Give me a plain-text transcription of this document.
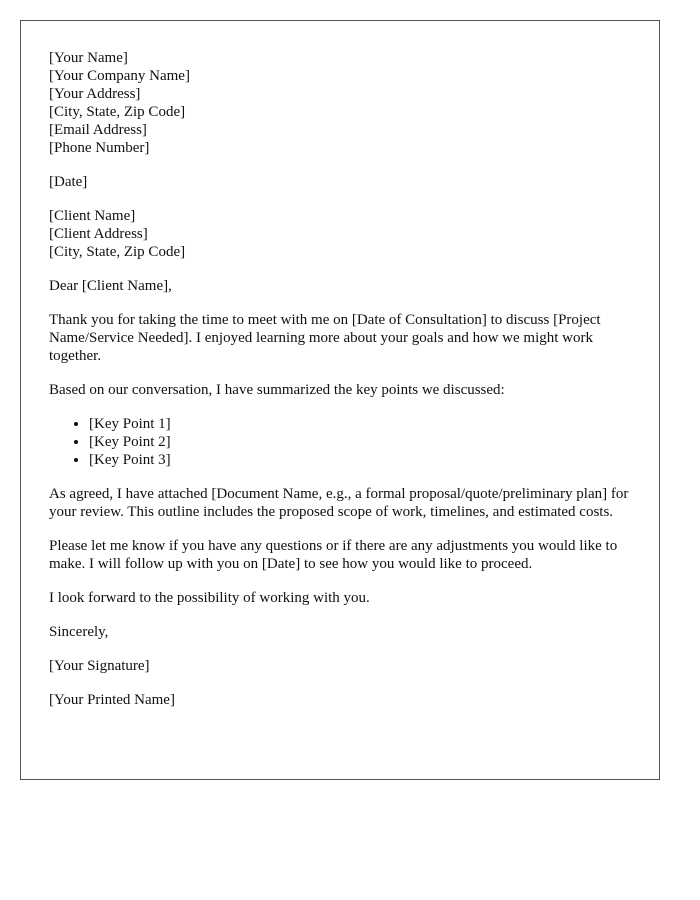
[Your Name]
[Your Company Name]
[Your Address]
[City, State, Zip Code]
[Email Address]
[Phone Number]
[Date]
[Client Name]
[Client Address]
[City, State, Zip Code]

Dear [Client Name],

Thank you for taking the time to meet with me on [Date of Consultation] to discuss [Project Name/Service Needed]. I enjoyed learning more about your goals and how we might work together.

Based on our conversation, I have summarized the key points we discussed:

• [Key Point 1]
• [Key Point 2]
• [Key Point 3]

As agreed, I have attached [Document Name, e.g., a formal proposal/quote/preliminary plan] for your review. This outline includes the proposed scope of work, timelines, and estimated costs.

Please let me know if you have any questions or if there are any adjustments you would like to make. I will follow up with you on [Date] to see how you would like to proceed.

I look forward to the possibility of working with you.

Sincerely,

[Your Signature]

[Your Printed Name]
